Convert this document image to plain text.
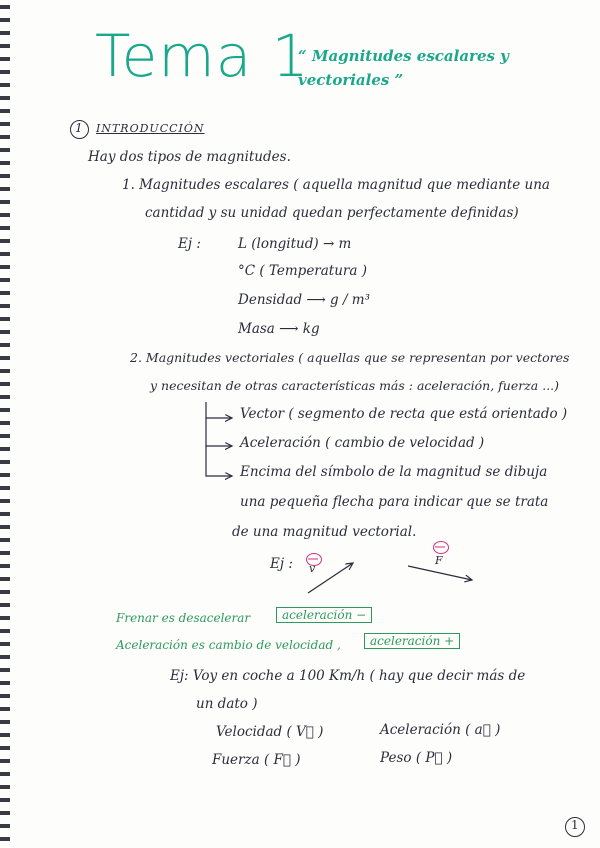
Tema 1
“ Magnitudes escalares y vectoriales ”
1 INTRODUCCIÓN
Hay dos tipos de magnitudes.
1. Magnitudes escalares ( aquella magnitud que mediante una
cantidad y su unidad quedan perfectamente definidas)
Ej :	L (longitud) → m
°C ( Temperatura )
Densidad ⟶ g / m³
Masa ⟶ kg
2. Magnitudes vectoriales ( aquellas que se representan por vectores
y necesitan de otras características más : aceleración, fuerza ...)
Vector ( segmento de recta que está orientado )
Aceleración ( cambio de velocidad )
Encima del símbolo de la magnitud se dibuja
una pequeña flecha para indicar que se trata
de una magnitud vectorial.
Ej : v
F
Frenar es desacelerar	aceleración −
Aceleración es cambio de velocidad ,	aceleración +
Ej: Voy en coche a 100 Km/h ( hay que decir más de
un dato )
Velocidad ( V⃗ )	Aceleración ( a⃗ )
Fuerza ( F⃗ )	Peso ( P⃗ )
1
